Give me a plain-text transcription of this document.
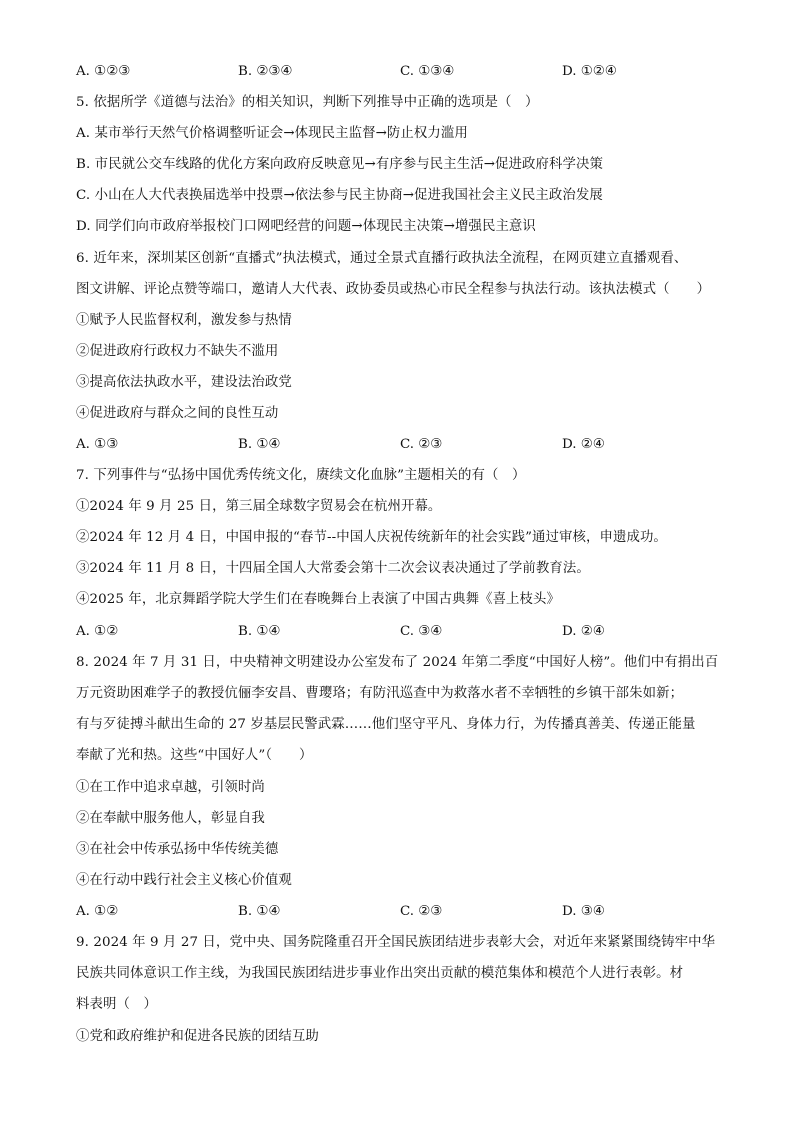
A. ①②③	B. ②③④	C. ①③④	D. ①②④
5. 依据所学《道德与法治》的相关知识，判断下列推导中正确的选项是（　）
A. 某市举行天然气价格调整听证会→体现民主监督→防止权力滥用
B. 市民就公交车线路的优化方案向政府反映意见→有序参与民主生活→促进政府科学决策
C. 小山在人大代表换届选举中投票→依法参与民主协商→促进我国社会主义民主政治发展
D. 同学们向市政府举报校门口网吧经营的问题→体现民主决策→增强民主意识
6. 近年来，深圳某区创新“直播式”执法模式，通过全景式直播行政执法全流程，在网页建立直播观看、
图文讲解、评论点赞等端口，邀请人大代表、政协委员或热心市民全程参与执法行动。该执法模式（　　）
①赋予人民监督权利，激发参与热情
②促进政府行政权力不缺失不滥用
③提高依法执政水平，建设法治政党
④促进政府与群众之间的良性互动
A. ①③	B. ①④	C. ②③	D. ②④
7. 下列事件与“弘扬中国优秀传统文化，赓续文化血脉”主题相关的有（　）
①2024 年 9 月 25 日，第三届全球数字贸易会在杭州开幕。
②2024 年 12 月 4 日，中国申报的“春节--中国人庆祝传统新年的社会实践”通过审核，申遗成功。
③2024 年 11 月 8 日，十四届全国人大常委会第十二次会议表决通过了学前教育法。
④2025 年，北京舞蹈学院大学生们在春晚舞台上表演了中国古典舞《喜上枝头》
A. ①②	B. ①④	C. ③④	D. ②④
8. 2024 年 7 月 31 日，中央精神文明建设办公室发布了 2024 年第二季度“中国好人榜”。他们中有捐出百
万元资助困难学子的教授伉俪李安昌、曹璎珞；有防汛巡查中为救落水者不幸牺牲的乡镇干部朱如新；
有与歹徒搏斗献出生命的 27 岁基层民警武霖……他们坚守平凡、身体力行，为传播真善美、传递正能量
奉献了光和热。这些“中国好人”（　　）
①在工作中追求卓越，引领时尚
②在奉献中服务他人，彰显自我
③在社会中传承弘扬中华传统美德
④在行动中践行社会主义核心价值观
A. ①②	B. ①④	C. ②③	D. ③④
9. 2024 年 9 月 27 日，党中央、国务院隆重召开全国民族团结进步表彰大会，对近年来紧紧围绕铸牢中华
民族共同体意识工作主线，为我国民族团结进步事业作出突出贡献的模范集体和模范个人进行表彰。材
料表明（　）
①党和政府维护和促进各民族的团结互助
